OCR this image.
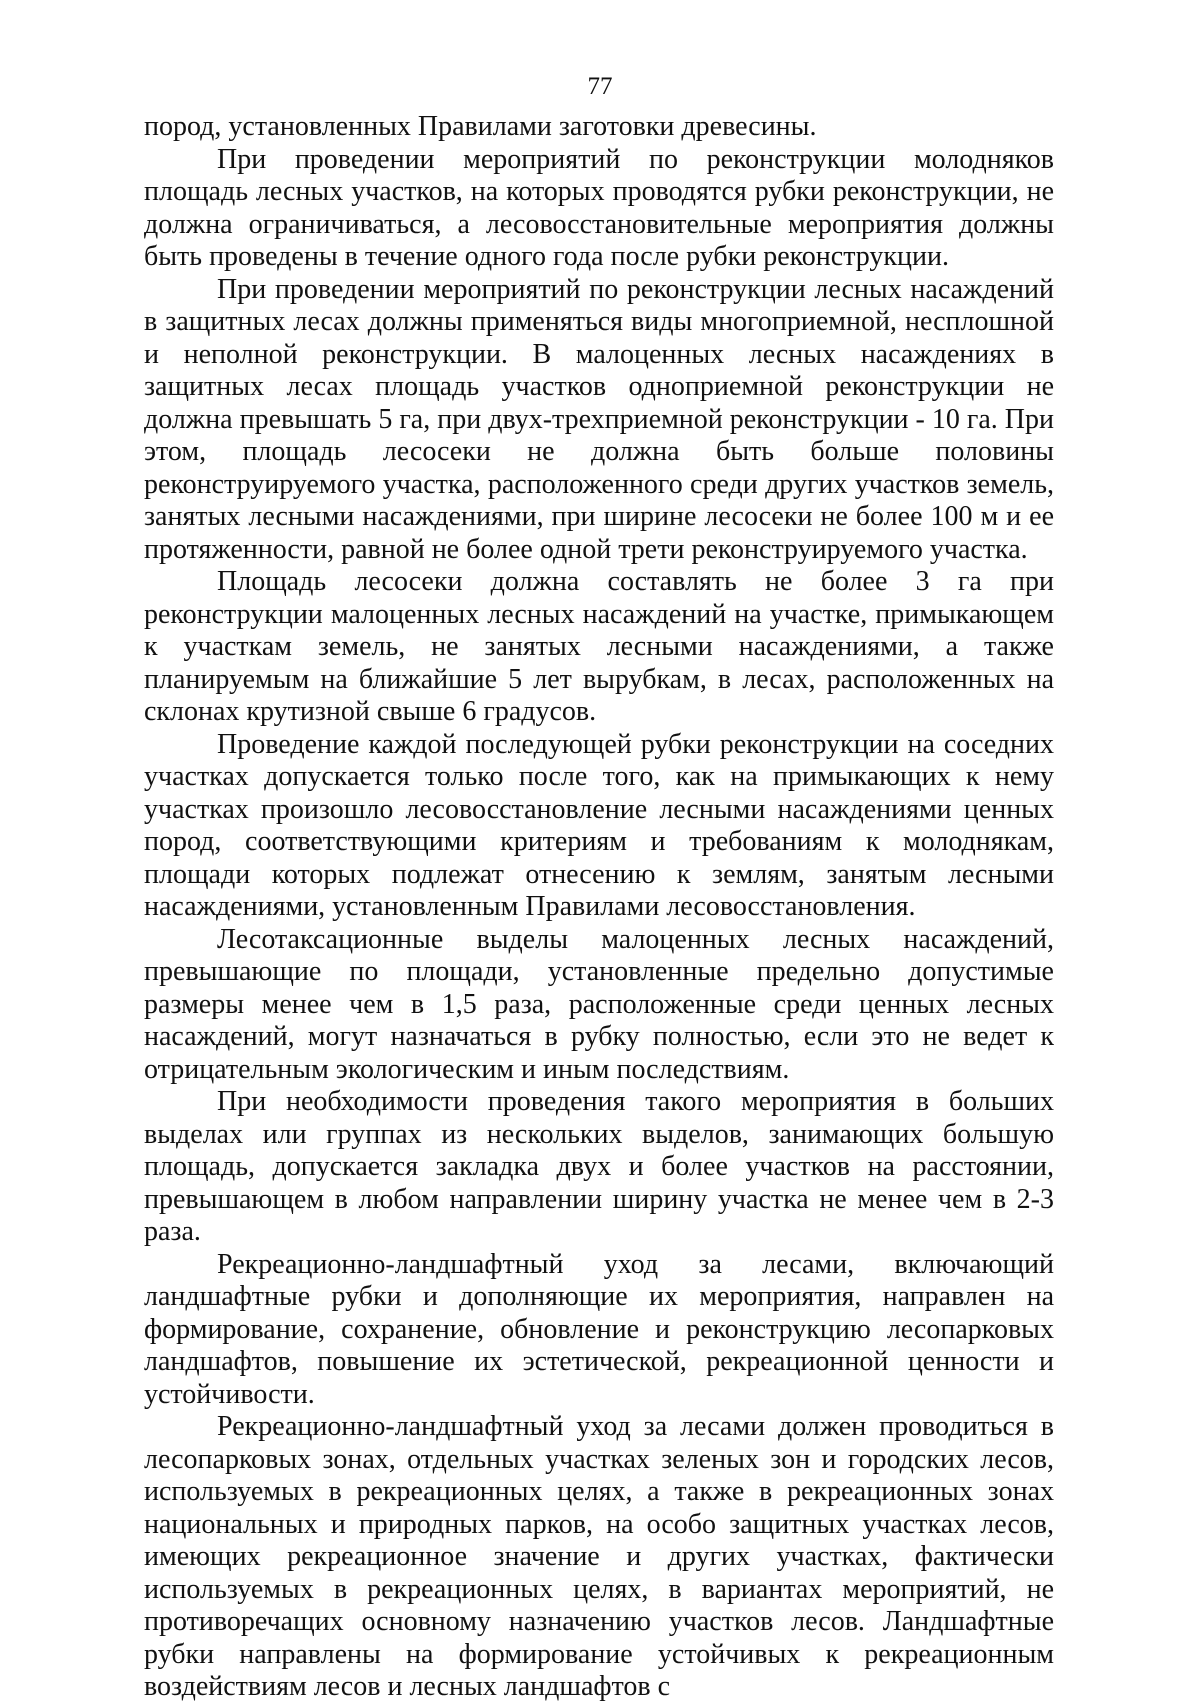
77

пород, установленных Правилами заготовки древесины.

При проведении мероприятий по реконструкции молодняков площадь лесных участков, на которых проводятся рубки реконструкции, не должна ограничиваться, а лесовосстановительные мероприятия должны быть проведены в течение одного года после рубки реконструкции.

При проведении мероприятий по реконструкции лесных насаждений в защитных лесах должны применяться виды многоприемной, несплошной и неполной реконструкции. В малоценных лесных насаждениях в защитных лесах площадь участков одноприемной реконструкции не должна превышать 5 га, при двух-трехприемной реконструкции - 10 га. При этом, площадь лесосеки не должна быть больше половины реконструируемого участка, расположенного среди других участков земель, занятых лесными насаждениями, при ширине лесосеки не более 100 м и ее протяженности, равной не более одной трети реконструируемого участка.

Площадь лесосеки должна составлять не более 3 га при реконструкции малоценных лесных насаждений на участке, примыкающем к участкам земель, не занятых лесными насаждениями, а также планируемым на ближайшие 5 лет вырубкам, в лесах, расположенных на склонах крутизной свыше 6 градусов.

Проведение каждой последующей рубки реконструкции на соседних участках допускается только после того, как на примыкающих к нему участках произошло лесовосстановление лесными насаждениями ценных пород, соответствующими критериям и требованиям к молоднякам, площади которых подлежат отнесению к землям, занятым лесными насаждениями, установленным Правилами лесовосстановления.

Лесотаксационные выделы малоценных лесных насаждений, превышающие по площади, установленные предельно допустимые размеры менее чем в 1,5 раза, расположенные среди ценных лесных насаждений, могут назначаться в рубку полностью, если это не ведет к отрицательным экологическим и иным последствиям.

При необходимости проведения такого мероприятия в больших выделах или группах из нескольких выделов, занимающих большую площадь, допускается закладка двух и более участков на расстоянии, превышающем в любом направлении ширину участка не менее чем в 2-3 раза.

Рекреационно-ландшафтный уход за лесами, включающий ландшафтные рубки и дополняющие их мероприятия, направлен на формирование, сохранение, обновление и реконструкцию лесопарковых ландшафтов, повышение их эстетической, рекреационной ценности и устойчивости.

Рекреационно-ландшафтный уход за лесами должен проводиться в лесопарковых зонах, отдельных участках зеленых зон и городских лесов, используемых в рекреационных целях, а также в рекреационных зонах национальных и природных парков, на особо защитных участках лесов, имеющих рекреационное значение и других участках, фактически используемых в рекреационных целях, в вариантах мероприятий, не противоречащих основному назначению участков лесов. Ландшафтные рубки направлены на формирование устойчивых к рекреационным воздействиям лесов и лесных ландшафтов с
